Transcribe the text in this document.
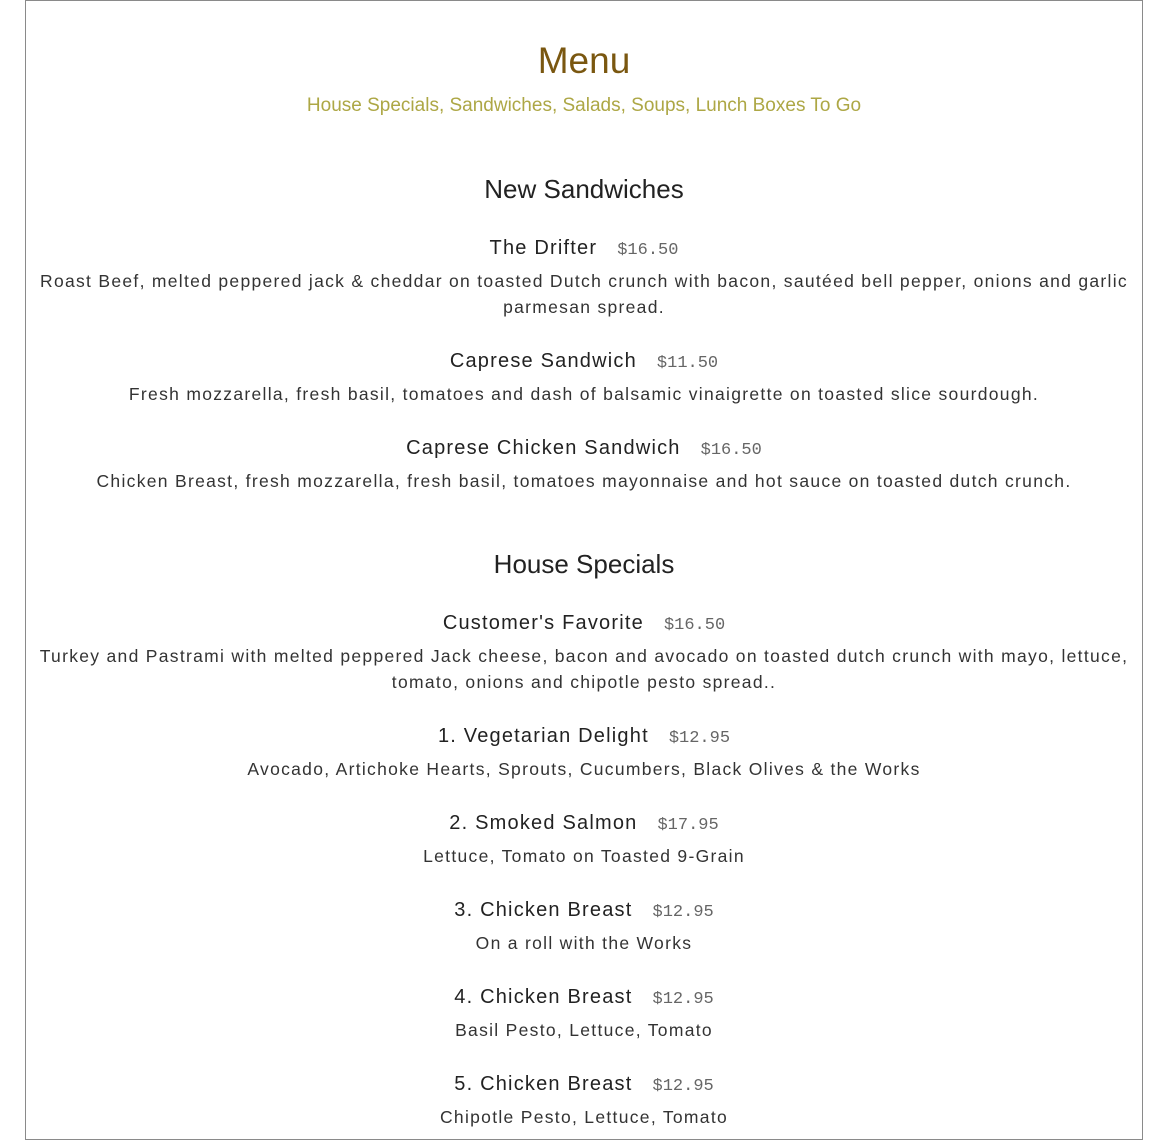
Menu
House Specials, Sandwiches, Salads, Soups, Lunch Boxes To Go
New Sandwiches
The Drifter $16.50
Roast Beef, melted peppered jack & cheddar on toasted Dutch crunch with bacon, sautéed bell pepper, onions and garlic parmesan spread.
Caprese Sandwich $11.50
Fresh mozzarella, fresh basil, tomatoes and dash of balsamic vinaigrette on toasted slice sourdough.
Caprese Chicken Sandwich $16.50
Chicken Breast, fresh mozzarella, fresh basil, tomatoes mayonnaise and hot sauce on toasted dutch crunch.
House Specials
Customer's Favorite $16.50
Turkey and Pastrami with melted peppered Jack cheese, bacon and avocado on toasted dutch crunch with mayo, lettuce, tomato, onions and chipotle pesto spread..
1. Vegetarian Delight $12.95
Avocado, Artichoke Hearts, Sprouts, Cucumbers, Black Olives & the Works
2. Smoked Salmon $17.95
Lettuce, Tomato on Toasted 9-Grain
3. Chicken Breast $12.95
On a roll with the Works
4. Chicken Breast $12.95
Basil Pesto, Lettuce, Tomato
5. Chicken Breast $12.95
Chipotle Pesto, Lettuce, Tomato
